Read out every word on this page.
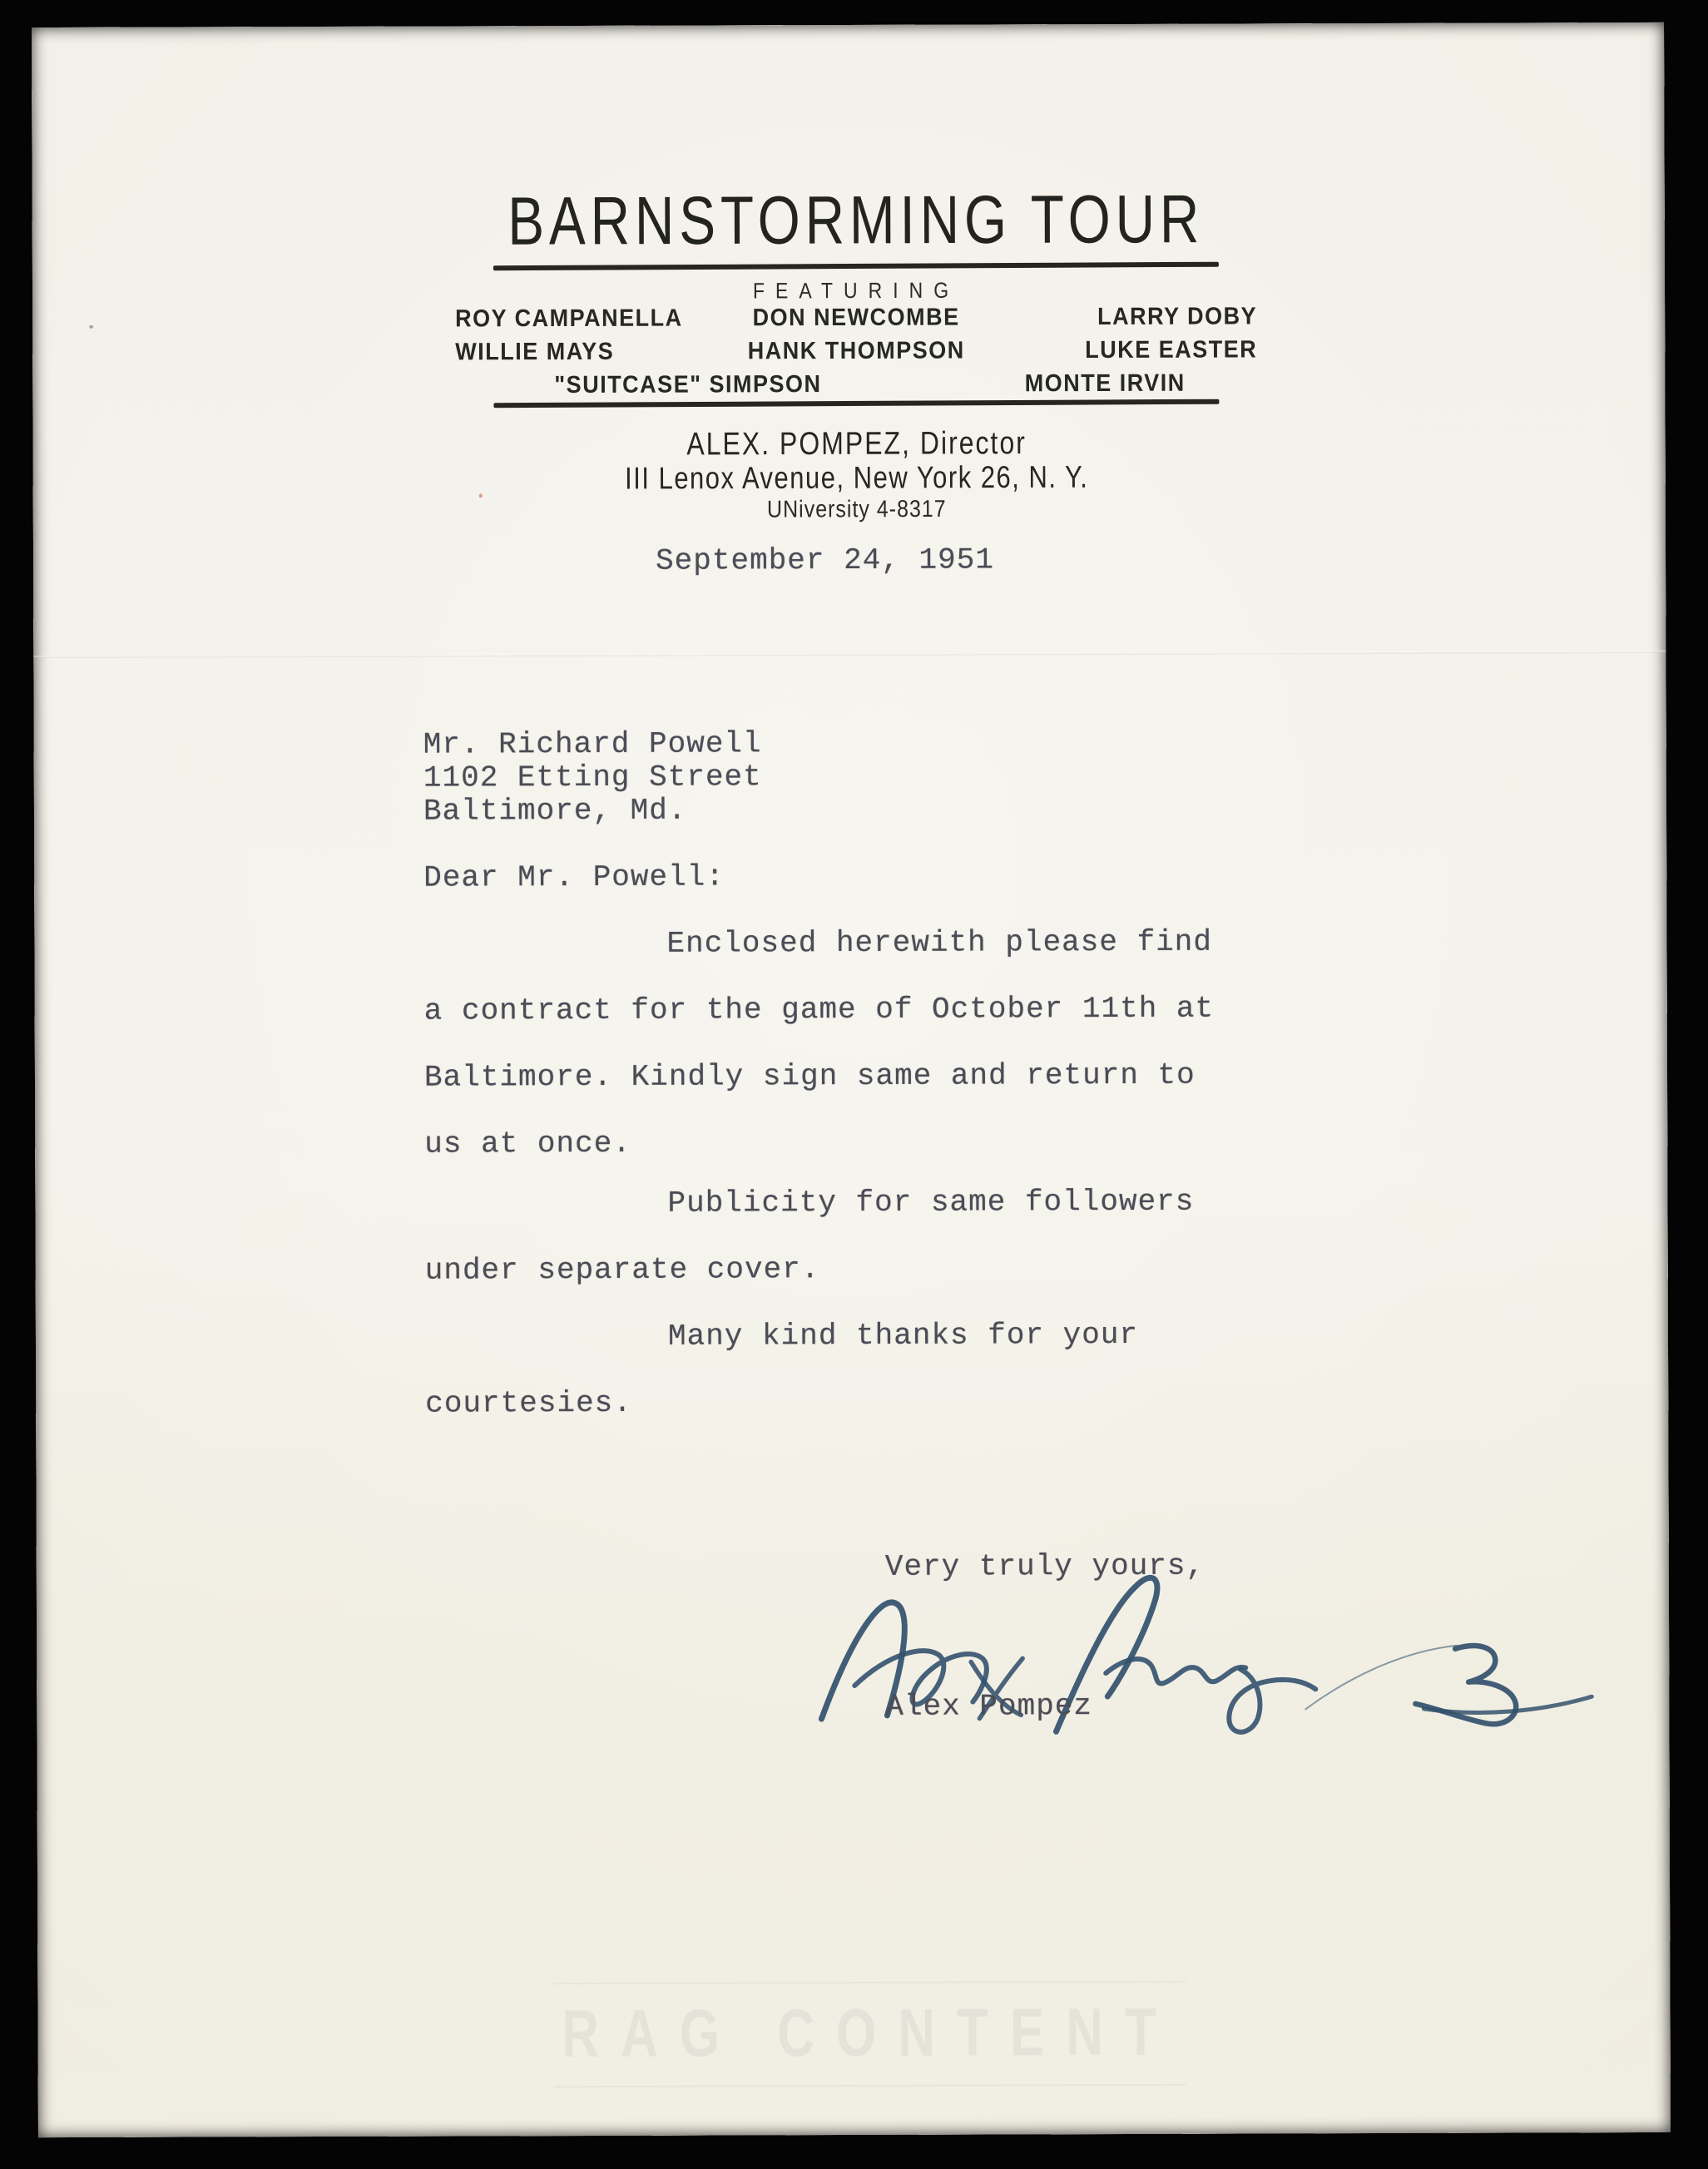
BARNSTORMING TOUR
FEATURING
ROY CAMPANELLA	DON NEWCOMBE	LARRY DOBY
WILLIE MAYS	HANK THOMPSON	LUKE EASTER
"SUITCASE" SIMPSON	MONTE IRVIN
ALEX. POMPEZ, Director
III Lenox Avenue, New York 26, N. Y.
UNiversity 4-8317
September 24, 1951
Mr. Richard Powell
1102 Etting Street
Baltimore, Md.
Dear Mr. Powell:
Enclosed herewith please find
a contract for the game of October 11th at
Baltimore. Kindly sign same and return to
us at once.
Publicity for same followers
under separate cover.
Many kind thanks for your
courtesies.
Very truly yours,
Alex Pompez
RAG CONTENT
